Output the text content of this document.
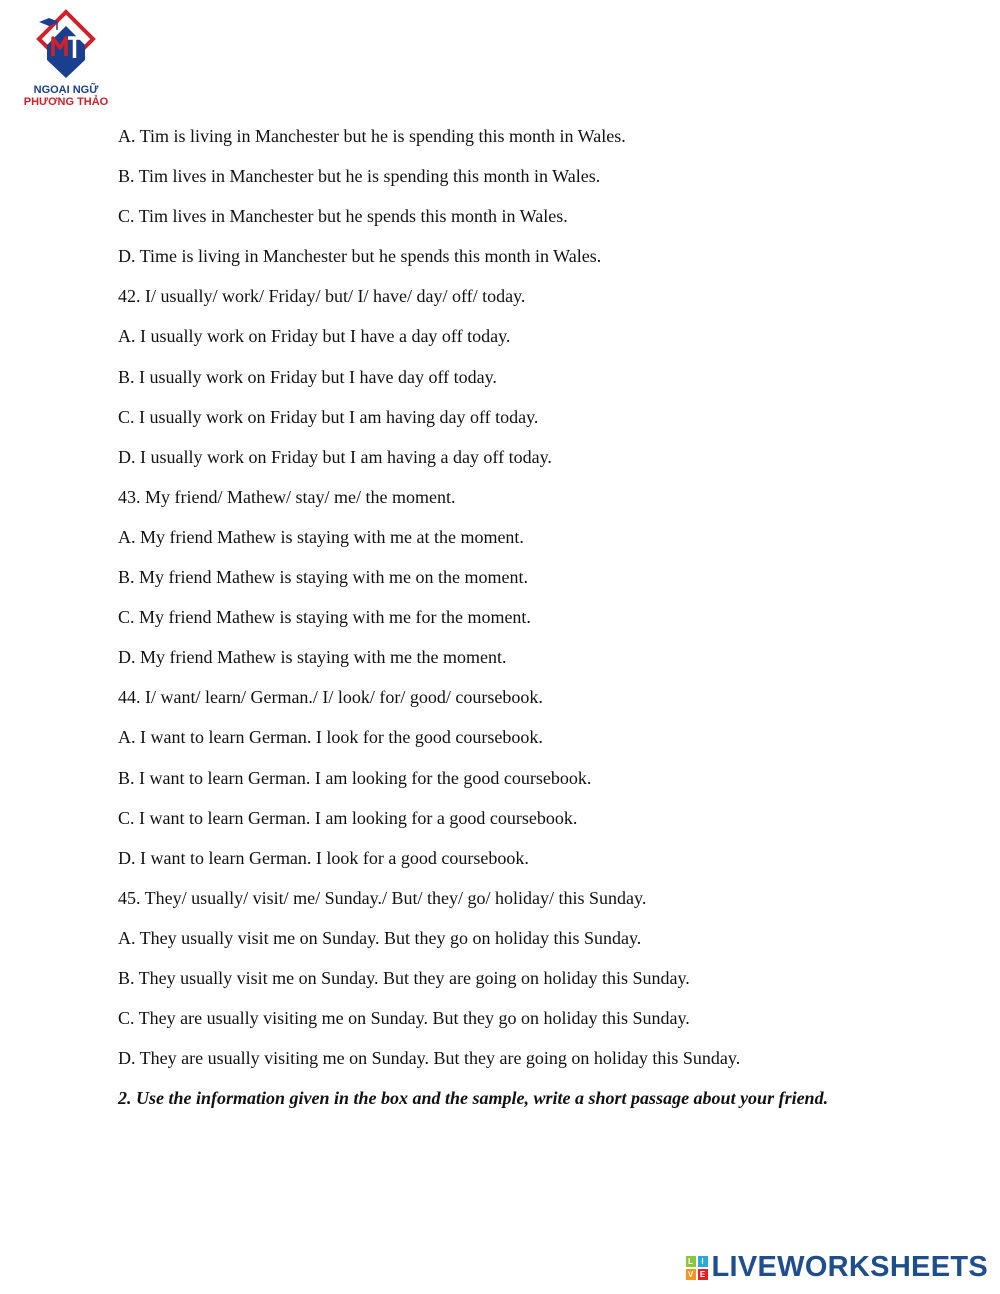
NGOẠI NGỮ
PHƯƠNG THẢO
A. Tim is living in Manchester but he is spending this month in Wales.
B. Tim lives in Manchester but he is spending this month in Wales.
C. Tim lives in Manchester but he spends this month in Wales.
D. Time is living in Manchester but he spends this month in Wales.
42. I/ usually/ work/ Friday/ but/ I/ have/ day/ off/ today.
A. I usually work on Friday but I have a day off today.
B. I usually work on Friday but I have day off today.
C. I usually work on Friday but I am having day off today.
D. I usually work on Friday but I am having a day off today.
43. My friend/ Mathew/ stay/ me/ the moment.
A. My friend Mathew is staying with me at the moment.
B. My friend Mathew is staying with me on the moment.
C. My friend Mathew is staying with me for the moment.
D. My friend Mathew is staying with me the moment.
44. I/ want/ learn/ German./ I/ look/ for/ good/ coursebook.
A. I want to learn German. I look for the good coursebook.
B. I want to learn German. I am looking for the good coursebook.
C. I want to learn German. I am looking for a good coursebook.
D. I want to learn German. I look for a good coursebook.
45. They/ usually/ visit/ me/ Sunday./ But/ they/ go/ holiday/ this Sunday.
A. They usually visit me on Sunday. But they go on holiday this Sunday.
B. They usually visit me on Sunday. But they are going on holiday this Sunday.
C. They are usually visiting me on Sunday. But they go on holiday this Sunday.
D. They are usually visiting me on Sunday. But they are going on holiday this Sunday.
2. Use the information given in the box and the sample, write a short passage about your friend.
L	I
V E LIVEWORKSHEETS
